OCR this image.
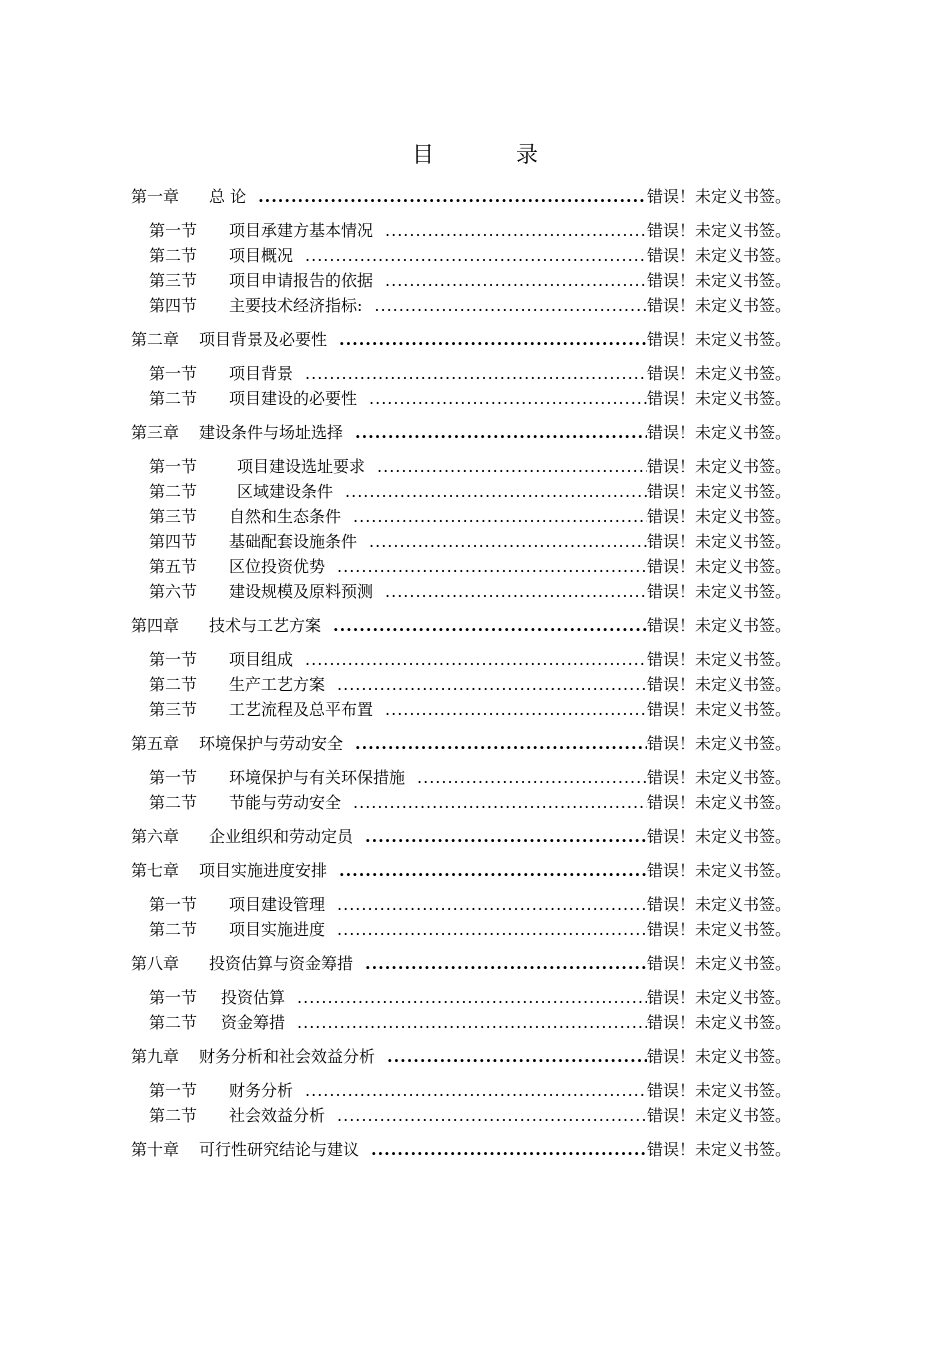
目　录
第一章	总 论 .....	错误！未定义书签。
第一节	项目承建方基本情况 .....	错误！未定义书签。
第二节	项目概况 .....	错误！未定义书签。
第三节	项目申请报告的依据 .....	错误！未定义书签。
第四节	主要技术经济指标: .....	错误！未定义书签。
第二章	项目背景及必要性 .....	错误！未定义书签。
第一节	项目背景 .....	错误！未定义书签。
第二节	项目建设的必要性 .....	错误！未定义书签。
第三章	建设条件与场址选择 .....	错误！未定义书签。
第一节	项目建设选址要求 .....	错误！未定义书签。
第二节	区域建设条件 .....	错误！未定义书签。
第三节	自然和生态条件 .....	错误！未定义书签。
第四节	基础配套设施条件 .....	错误！未定义书签。
第五节	区位投资优势 .....	错误！未定义书签。
第六节	建设规模及原料预测 .....	错误！未定义书签。
第四章	技术与工艺方案 .....	错误！未定义书签。
第一节	项目组成 .....	错误！未定义书签。
第二节	生产工艺方案 .....	错误！未定义书签。
第三节	工艺流程及总平布置 .....	错误！未定义书签。
第五章	环境保护与劳动安全 .....	错误！未定义书签。
第一节	环境保护与有关环保措施 .....	错误！未定义书签。
第二节	节能与劳动安全 .....	错误！未定义书签。
第六章	企业组织和劳动定员 .....	错误！未定义书签。
第七章	项目实施进度安排 .....	错误！未定义书签。
第一节	项目建设管理 .....	错误！未定义书签。
第二节	项目实施进度 .....	错误！未定义书签。
第八章	投资估算与资金筹措 .....	错误！未定义书签。
第一节	投资估算 .....	错误！未定义书签。
第二节	资金筹措 .....	错误！未定义书签。
第九章	财务分析和社会效益分析 .....	错误！未定义书签。
第一节	财务分析 .....	错误！未定义书签。
第二节	社会效益分析 .....	错误！未定义书签。
第十章	可行性研究结论与建议 .....	错误！未定义书签。
